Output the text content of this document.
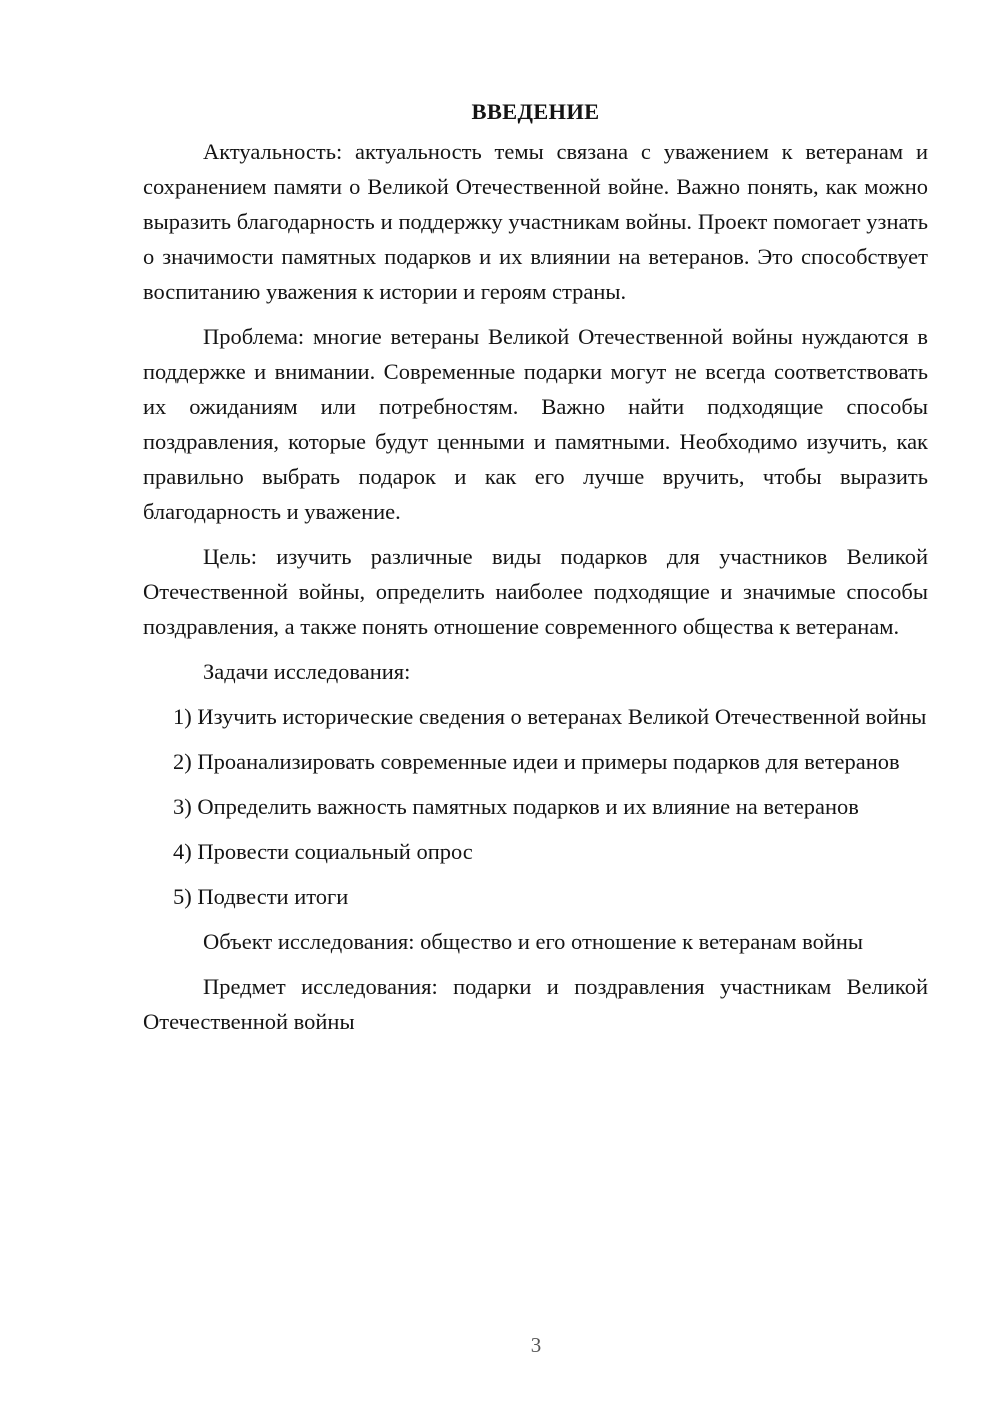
ВВЕДЕНИЕ

Актуальность: актуальность темы связана с уважением к ветеранам и сохранением памяти о Великой Отечественной войне. Важно понять, как можно выразить благодарность и поддержку участникам войны. Проект помогает узнать о значимости памятных подарков и их влиянии на ветеранов. Это способствует воспитанию уважения к истории и героям страны.

Проблема: многие ветераны Великой Отечественной войны нуждаются в поддержке и внимании. Современные подарки могут не всегда соответствовать их ожиданиям или потребностям. Важно найти подходящие способы поздравления, которые будут ценными и памятными. Необходимо изучить, как правильно выбрать подарок и как его лучше вручить, чтобы выразить благодарность и уважение.

Цель: изучить различные виды подарков для участников Великой Отечественной войны, определить наиболее подходящие и значимые способы поздравления, а также понять отношение современного общества к ветеранам.

Задачи исследования:

1) Изучить исторические сведения о ветеранах Великой Отечественной войны

2) Проанализировать современные идеи и примеры подарков для ветеранов

3) Определить важность памятных подарков и их влияние на ветеранов

4) Провести социальный опрос

5) Подвести итоги

Объект исследования: общество и его отношение к ветеранам войны

Предмет исследования: подарки и поздравления участникам Великой Отечественной войны

3
